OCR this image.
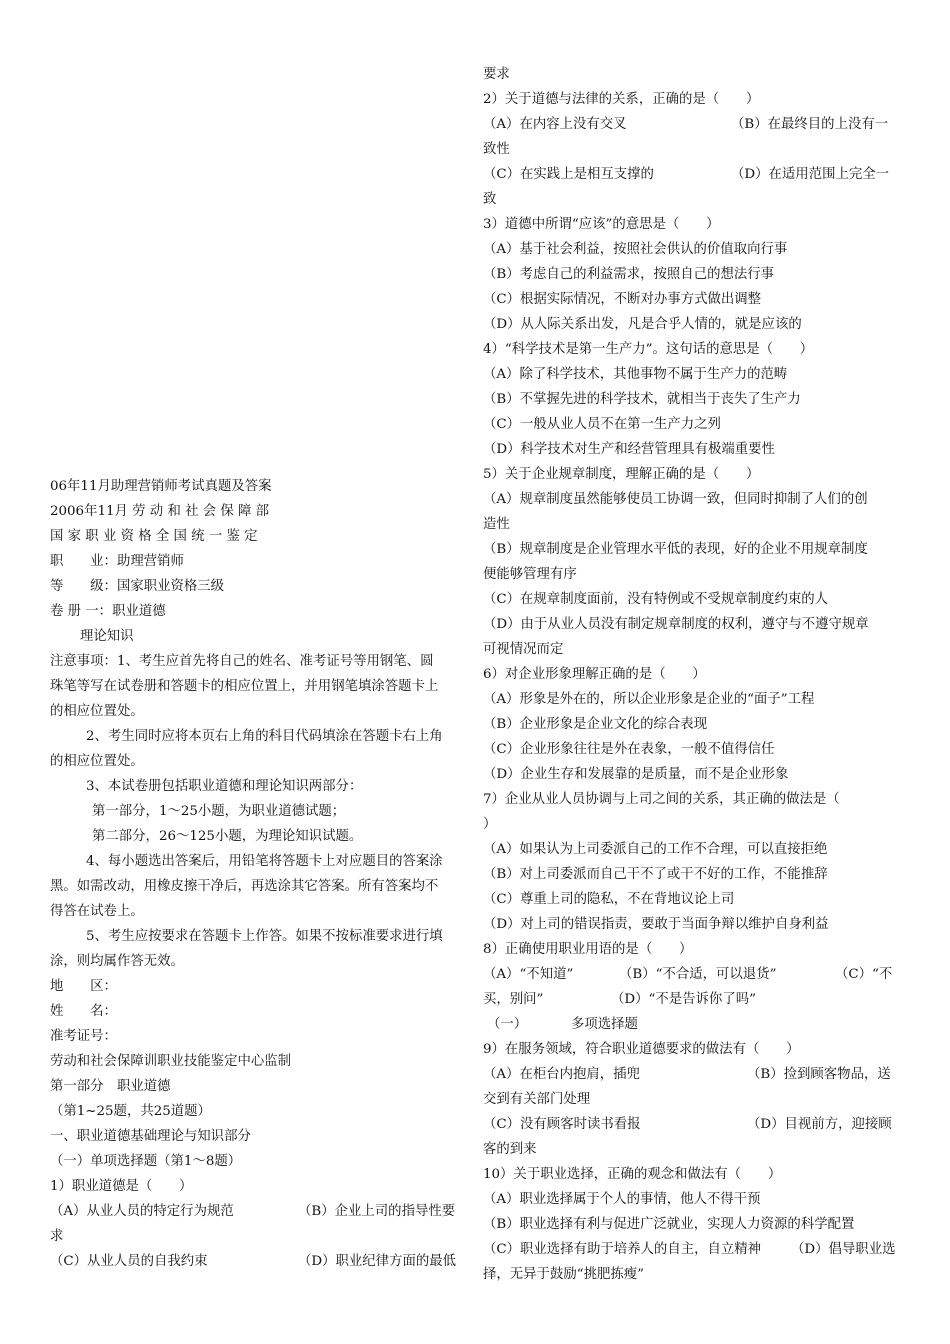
06年11月助理营销师考试真题及答案
2006年11月 劳 动 和 社 会 保 障 部
国 家 职 业 资 格 全 国 统 一 鉴 定
职　　业：助理营销师
等　　级：国家职业资格三级
卷 册 一：职业道德
理论知识
注意事项：1、考生应首先将自己的姓名、准考证号等用钢笔、圆
珠笔等写在试卷册和答题卡的相应位置上，并用钢笔填涂答题卡上
的相应位置处。
2、考生同时应将本页右上角的科目代码填涂在答题卡右上角
的相应位置处。
3、本试卷册包括职业道德和理论知识两部分：
第一部分，1～25小题，为职业道德试题；
第二部分，26～125小题，为理论知识试题。
4、每小题选出答案后，用铅笔将答题卡上对应题目的答案涂
黑。如需改动，用橡皮擦干净后，再选涂其它答案。所有答案均不
得答在试卷上。
5、考生应按要求在答题卡上作答。如果不按标准要求进行填
涂，则均属作答无效。
地　　区：
姓　　名：
准考证号：
劳动和社会保障训职业技能鉴定中心监制
第一部分　职业道德
（第1~25题，共25道题）
一、职业道德基础理论与知识部分
（一）单项选择题（第1～8题）
1）职业道德是（　　）
（A）从业人员的特定行为规范	（B）企业上司的指导性要
求
（C）从业人员的自我约束	（D）职业纪律方面的最低
要求
2）关于道德与法律的关系，正确的是（　　）
（A）在内容上没有交叉	（B）在最终目的上没有一
致性
（C）在实践上是相互支撑的	（D）在适用范围上完全一
致
3）道德中所谓“应该”的意思是（　　）
（A）基于社会利益，按照社会供认的价值取向行事
（B）考虑自己的利益需求，按照自己的想法行事
（C）根据实际情况，不断对办事方式做出调整
（D）从人际关系出发，凡是合乎人情的，就是应该的
4）“科学技术是第一生产力”。这句话的意思是（　　）
（A）除了科学技术，其他事物不属于生产力的范畴
（B）不掌握先进的科学技术，就相当于丧失了生产力
（C）一般从业人员不在第一生产力之列
（D）科学技术对生产和经营管理具有极端重要性
5）关于企业规章制度，理解正确的是（　　）
（A）规章制度虽然能够使员工协调一致，但同时抑制了人们的创
造性
（B）规章制度是企业管理水平低的表现，好的企业不用规章制度
便能够管理有序
（C）在规章制度面前，没有特例或不受规章制度约束的人
（D）由于从业人员没有制定规章制度的权利，遵守与不遵守规章
可视情况而定
6）对企业形象理解正确的是（　　）
（A）形象是外在的，所以企业形象是企业的“面子”工程
（B）企业形象是企业文化的综合表现
（C）企业形象往往是外在表象，一般不值得信任
（D）企业生存和发展靠的是质量，而不是企业形象
7）企业从业人员协调与上司之间的关系，其正确的做法是（
）
（A）如果认为上司委派自己的工作不合理，可以直接拒绝
（B）对上司委派而自己干不了或干不好的工作，不能推辞
（C）尊重上司的隐私，不在背地议论上司
（D）对上司的错误指责，要敢于当面争辩以维护自身利益
8）正确使用职业用语的是（　　）
（A）“不知道”	（B）“不合适，可以退货”	（C）“不
买，别问”	（D）“不是告诉你了吗”
（一）	多项选择题
9）在服务领域，符合职业道德要求的做法有（　　）
（A）在柜台内抱肩，插兜	（B）捡到顾客物品，送
交到有关部门处理
（C）没有顾客时读书看报	（D）目视前方，迎接顾
客的到来
10）关于职业选择，正确的观念和做法有（　　）
（A）职业选择属于个人的事情，他人不得干预
（B）职业选择有利与促进广泛就业，实现人力资源的科学配置
（C）职业选择有助于培养人的自主，自立精神 （D）倡导职业选
择，无异于鼓励“挑肥拣瘦”
